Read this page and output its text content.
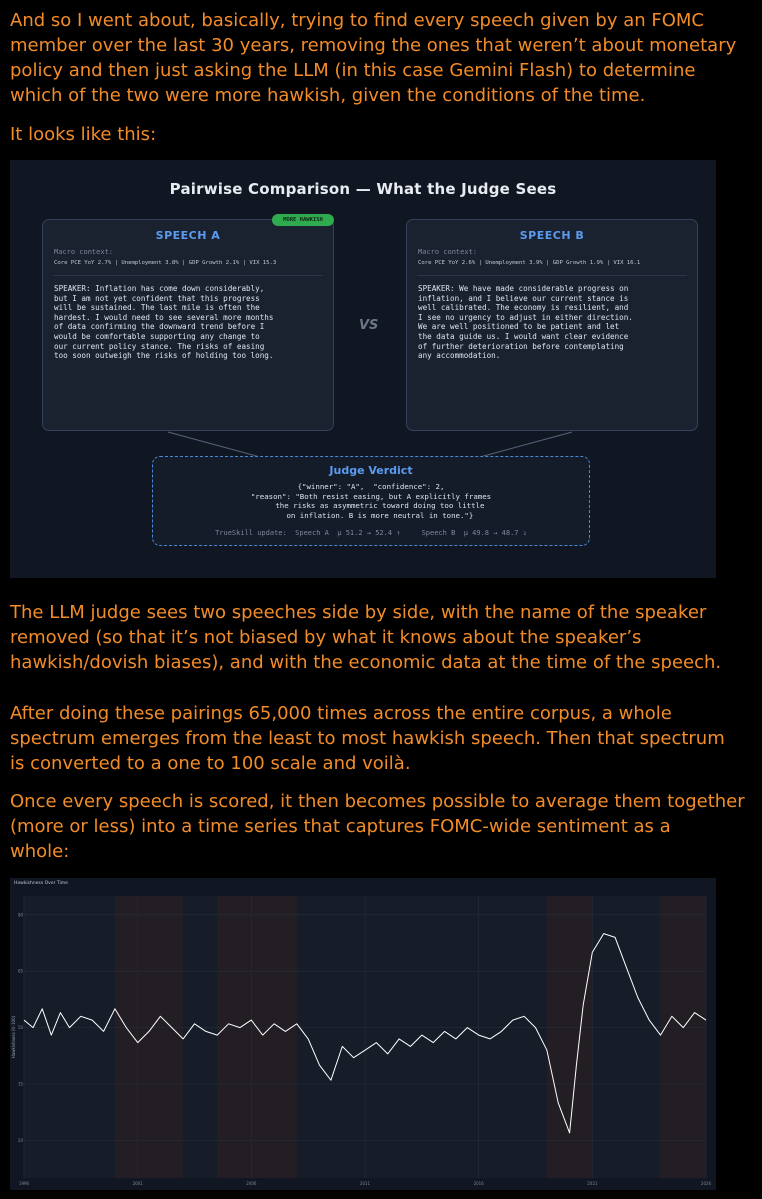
And so I went about, basically, trying to find every speech given by an FOMC
member over the last 30 years, removing the ones that weren’t about monetary
policy and then just asking the LLM (in this case Gemini Flash) to determine
which of the two were more hawkish, given the conditions of the time.
It looks like this:
Pairwise Comparison — What the Judge Sees
SPEECH A
Macro context:
Core PCE YoY 2.7% | Unemployment 3.8% | GDP Growth 2.1% | VIX 15.3
SPEAKER: Inflation has come down considerably,
but I am not yet confident that this progress
will be sustained. The last mile is often the
hardest. I would need to see several more months
of data confirming the downward trend before I
would be comfortable supporting any change to
our current policy stance. The risks of easing
too soon outweigh the risks of holding too long.
MORE HAWKISH
VS
SPEECH B
Macro context:
Core PCE YoY 2.6% | Unemployment 3.9% | GDP Growth 1.9% | VIX 16.1
SPEAKER: We have made considerable progress on
inflation, and I believe our current stance is
well calibrated. The economy is resilient, and
I see no urgency to adjust in either direction.
We are well positioned to be patient and let
the data guide us. I would want clear evidence
of further deterioration before contemplating
any accommodation.
Judge Verdict
{"winner": "A",  "confidence": 2,
"reason": "Both resist easing, but A explicitly frames
the risks as asymmetric toward doing too little
on inflation. B is more neutral in tone."}
TrueSkill update:  Speech A  μ 51.2 → 52.4 ↑     Speech B  μ 49.8 → 48.7 ↓
The LLM judge sees two speeches side by side, with the name of the speaker
removed (so that it’s not biased by what it knows about the speaker’s
hawkish/dovish biases), and with the economic data at the time of the speech.
After doing these pairings 65,000 times across the entire corpus, a whole
spectrum emerges from the least to most hawkish speech. Then that spectrum
is converted to a one to 100 scale and voilà.
Once every speech is scored, it then becomes possible to average them together
(more or less) into a time series that captures FOMC-wide sentiment as a
whole:
Hawkishness Over Time
20
35
50
65
80
1996	2001	2006	2011	2016	2021	2026
Hawkishness (0–100)
